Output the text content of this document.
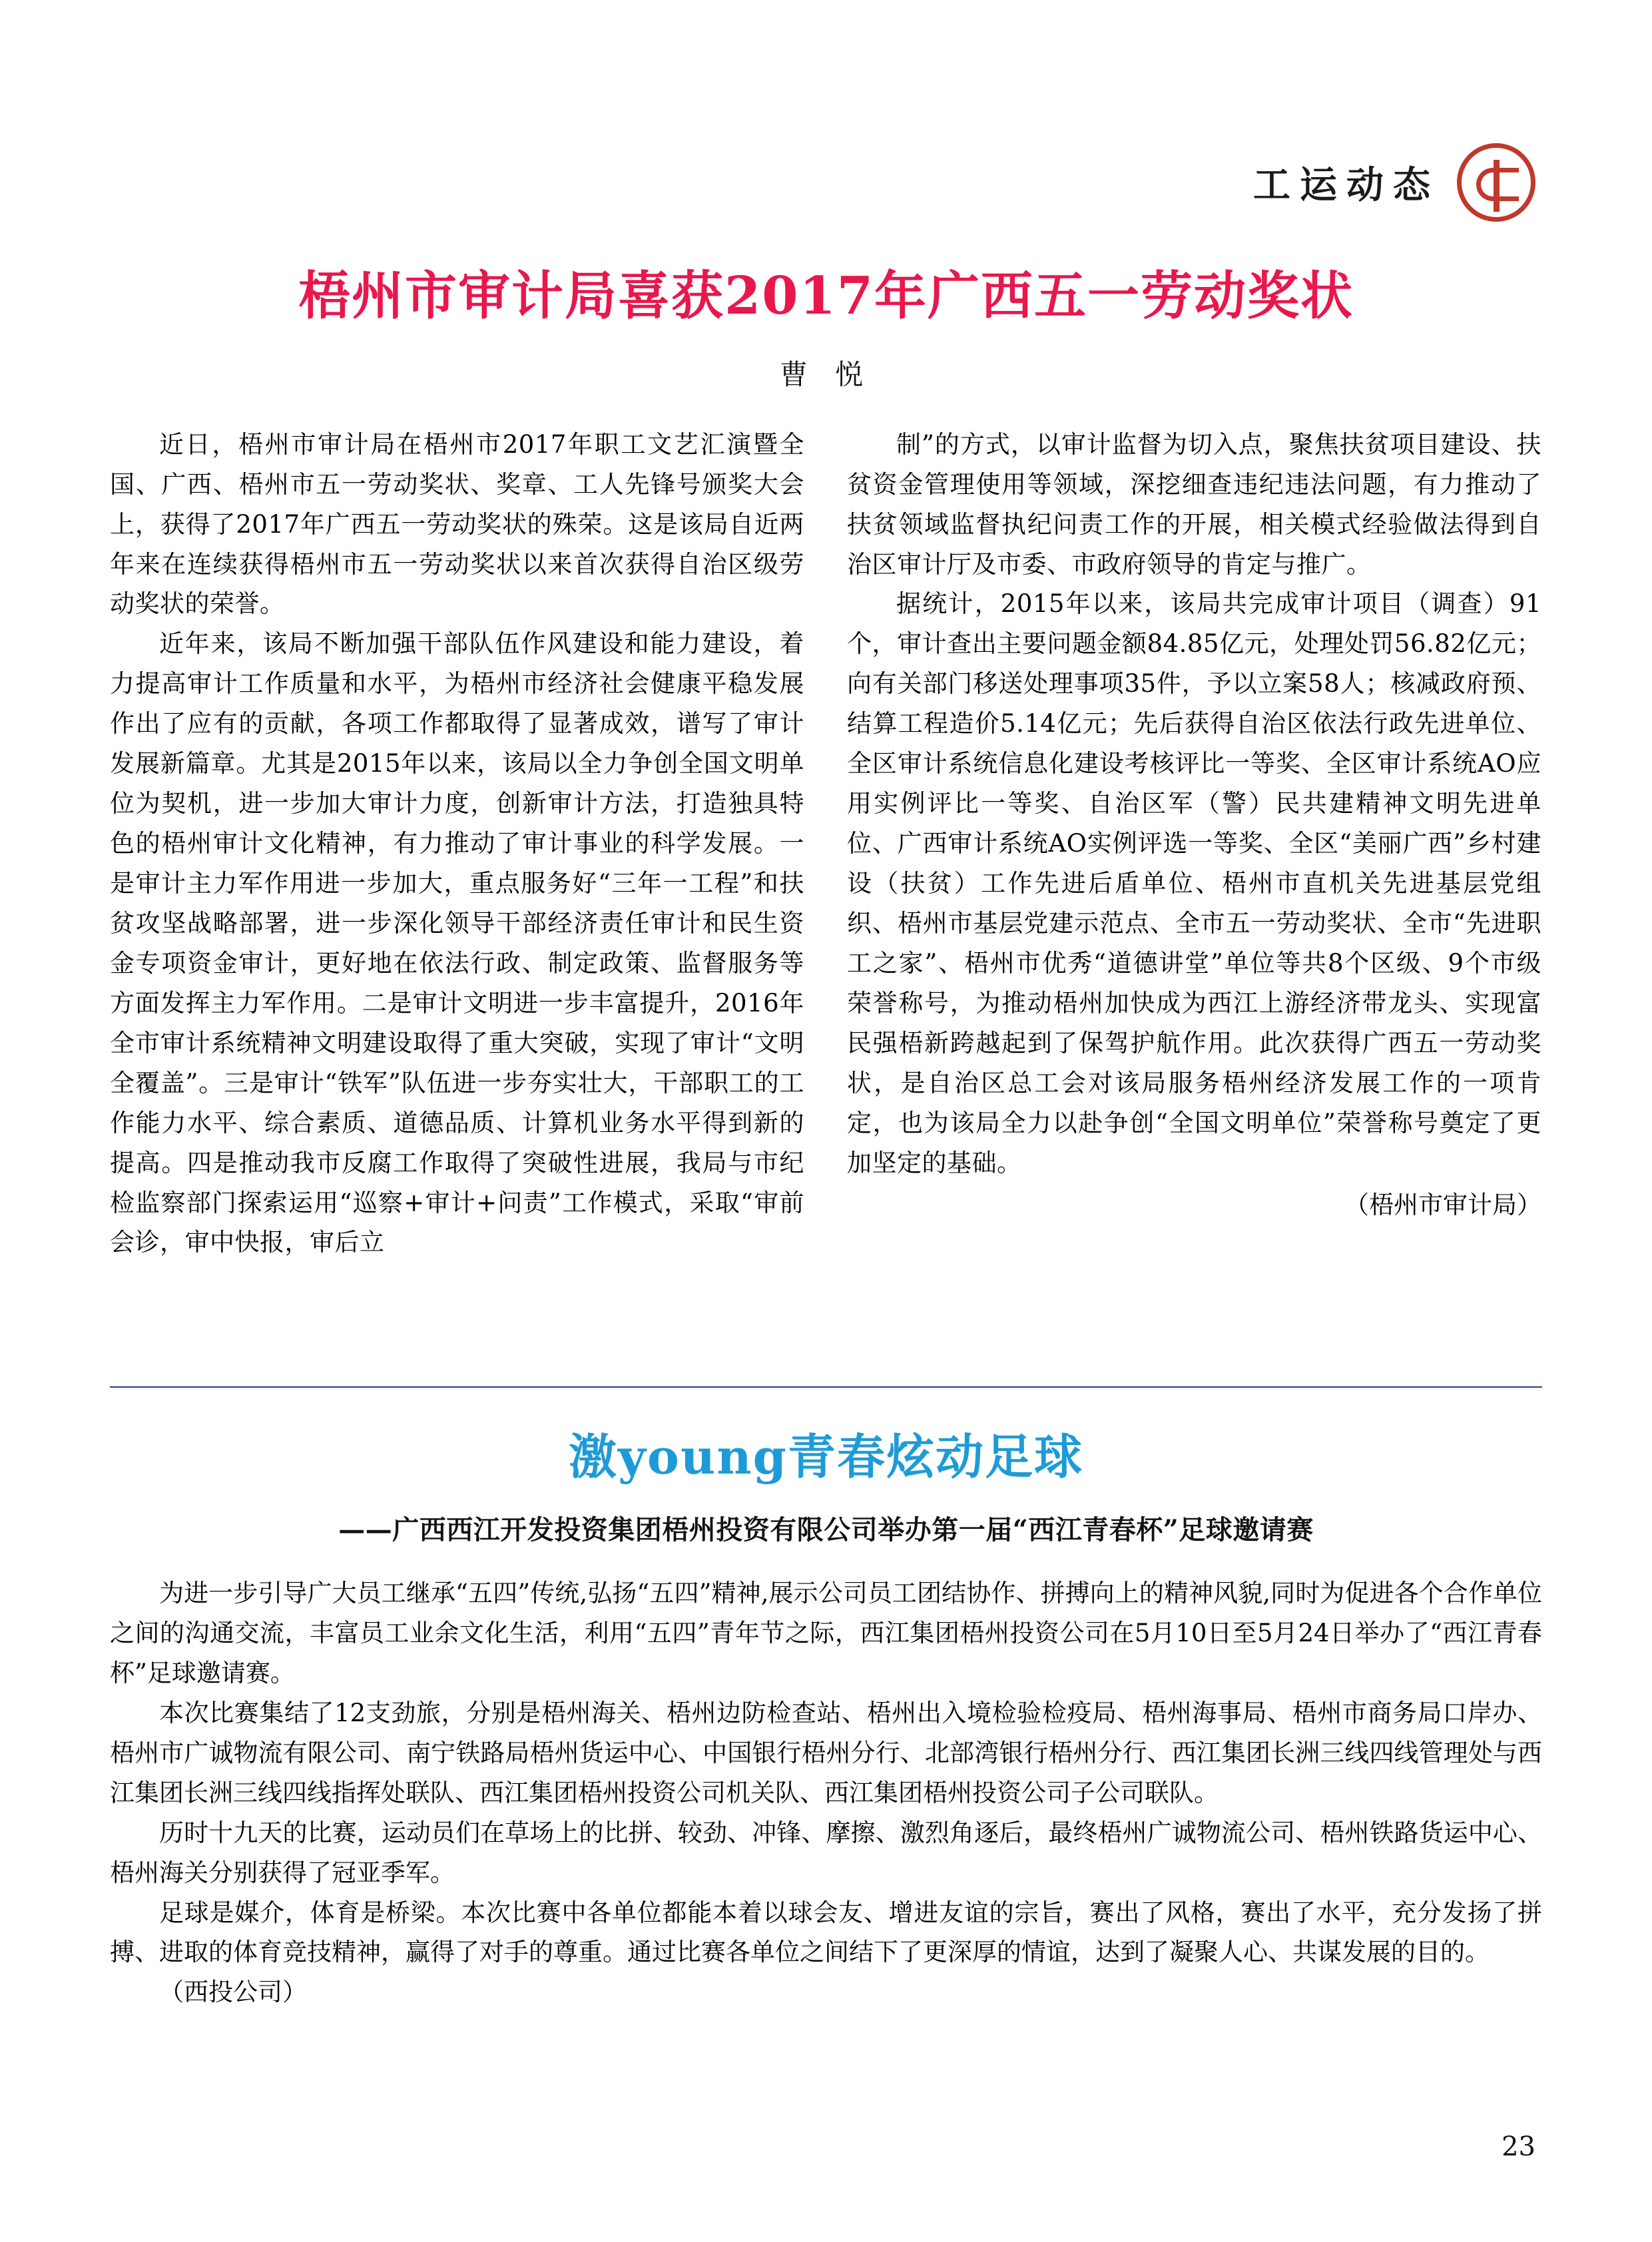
工运动态
梧州市审计局喜获2017年广西五一劳动奖状
曹 悦

近日，梧州市审计局在梧州市2017年职工文艺汇演暨全国、广西、梧州市五一劳动奖状、奖章、工人先锋号颁奖大会上，获得了2017年广西五一劳动奖状的殊荣。这是该局自近两年来在连续获得梧州市五一劳动奖状以来首次获得自治区级劳动奖状的荣誉。

近年来，该局不断加强干部队伍作风建设和能力建设，着力提高审计工作质量和水平，为梧州市经济社会健康平稳发展作出了应有的贡献，各项工作都取得了显著成效，谱写了审计发展新篇章。尤其是2015年以来，该局以全力争创全国文明单位为契机，进一步加大审计力度，创新审计方法，打造独具特色的梧州审计文化精神，有力推动了审计事业的科学发展。一是审计主力军作用进一步加大，重点服务好“三年一工程”和扶贫攻坚战略部署，进一步深化领导干部经济责任审计和民生资金专项资金审计，更好地在依法行政、制定政策、监督服务等方面发挥主力军作用。二是审计文明进一步丰富提升，2016年全市审计系统精神文明建设取得了重大突破，实现了审计“文明全覆盖”。三是审计“铁军”队伍进一步夯实壮大，干部职工的工作能力水平、综合素质、道德品质、计算机业务水平得到新的提高。四是推动我市反腐工作取得了突破性进展，我局与市纪检监察部门探索运用“巡察+审计+问责”工作模式，采取“审前会诊，审中快报，审后立

制”的方式，以审计监督为切入点，聚焦扶贫项目建设、扶贫资金管理使用等领域，深挖细查违纪违法问题，有力推动了扶贫领域监督执纪问责工作的开展，相关模式经验做法得到自治区审计厅及市委、市政府领导的肯定与推广。

据统计，2015年以来，该局共完成审计项目（调查）91个，审计查出主要问题金额84.85亿元，处理处罚56.82亿元；向有关部门移送处理事项35件，予以立案58人；核减政府预、结算工程造价5.14亿元；先后获得自治区依法行政先进单位、全区审计系统信息化建设考核评比一等奖、全区审计系统AO应用实例评比一等奖、自治区军（警）民共建精神文明先进单位、广西审计系统AO实例评选一等奖、全区“美丽广西”乡村建设（扶贫）工作先进后盾单位、梧州市直机关先进基层党组织、梧州市基层党建示范点、全市五一劳动奖状、全市“先进职工之家”、梧州市优秀“道德讲堂”单位等共8个区级、9个市级荣誉称号，为推动梧州加快成为西江上游经济带龙头、实现富民强梧新跨越起到了保驾护航作用。此次获得广西五一劳动奖状，是自治区总工会对该局服务梧州经济发展工作的一项肯定，也为该局全力以赴争创“全国文明单位”荣誉称号奠定了更加坚定的基础。

（梧州市审计局）
激young青春炫动足球
——广西西江开发投资集团梧州投资有限公司举办第一届“西江青春杯”足球邀请赛

为进一步引导广大员工继承“五四”传统,弘扬“五四”精神,展示公司员工团结协作、拼搏向上的精神风貌,同时为促进各个合作单位之间的沟通交流，丰富员工业余文化生活，利用“五四”青年节之际，西江集团梧州投资公司在5月10日至5月24日举办了“西江青春杯”足球邀请赛。

本次比赛集结了12支劲旅，分别是梧州海关、梧州边防检查站、梧州出入境检验检疫局、梧州海事局、梧州市商务局口岸办、梧州市广诚物流有限公司、南宁铁路局梧州货运中心、中国银行梧州分行、北部湾银行梧州分行、西江集团长洲三线四线管理处与西江集团长洲三线四线指挥处联队、西江集团梧州投资公司机关队、西江集团梧州投资公司子公司联队。

历时十九天的比赛，运动员们在草场上的比拼、较劲、冲锋、摩擦、激烈角逐后，最终梧州广诚物流公司、梧州铁路货运中心、梧州海关分别获得了冠亚季军。

足球是媒介，体育是桥梁。本次比赛中各单位都能本着以球会友、增进友谊的宗旨，赛出了风格，赛出了水平，充分发扬了拼搏、进取的体育竞技精神，赢得了对手的尊重。通过比赛各单位之间结下了更深厚的情谊，达到了凝聚人心、共谋发展的目的。

（西投公司）

23
